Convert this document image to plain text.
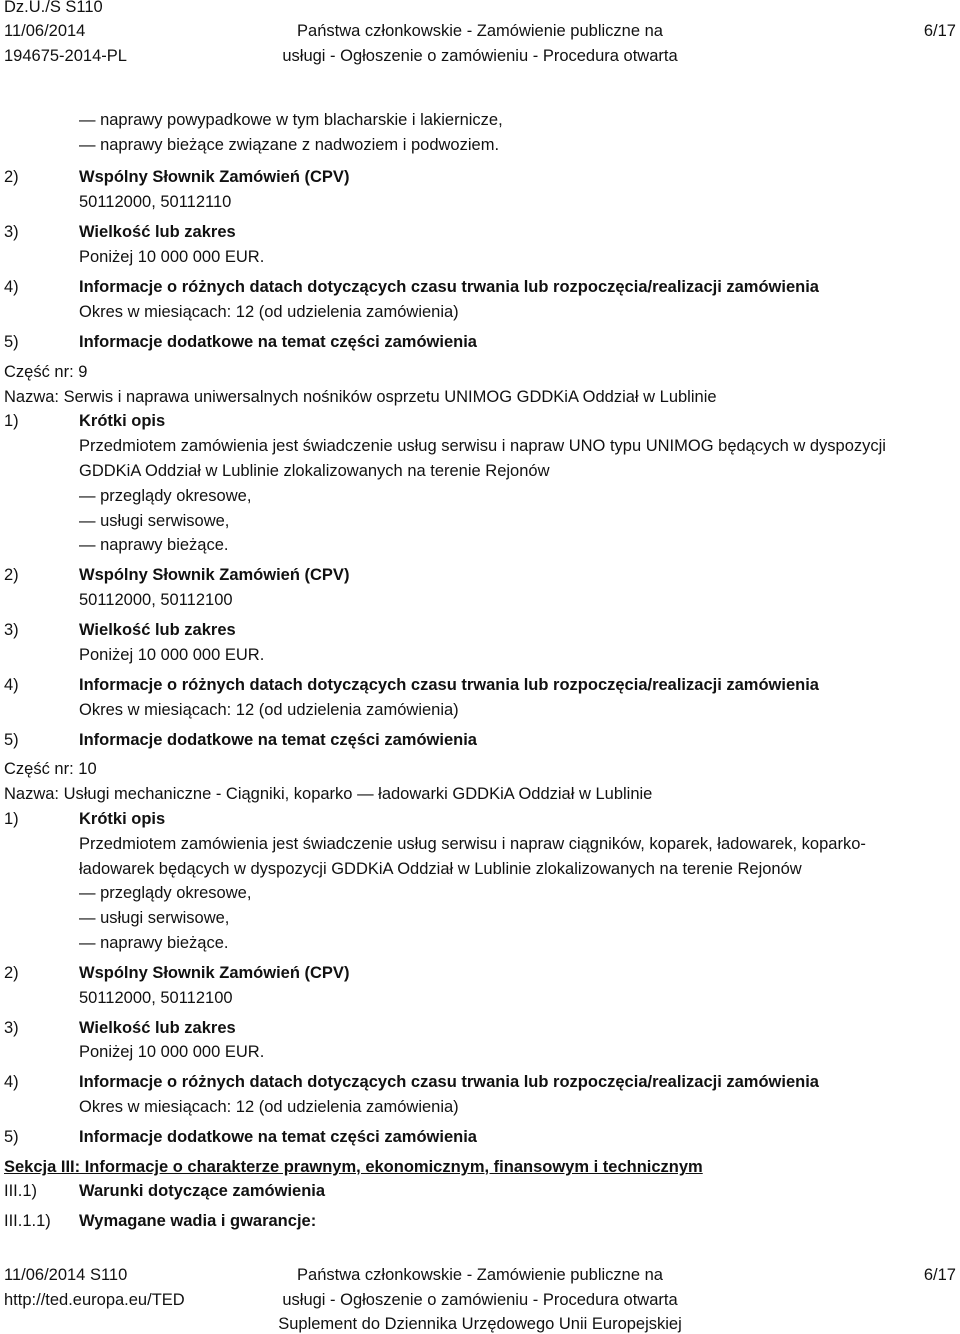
Dz.U./S S110
11/06/2014
194675-2014-PL
Państwa członkowskie - Zamówienie publiczne na
usługi - Ogłoszenie o zamówieniu - Procedura otwarta
6/17
— naprawy powypadkowe w tym blacharskie i lakiernicze,
— naprawy bieżące związane z nadwoziem i podwoziem.
2)	Wspólny Słownik Zamówień (CPV)
50112000, 50112110
3)	Wielkość lub zakres
Poniżej 10 000 000 EUR.
4)	Informacje o różnych datach dotyczących czasu trwania lub rozpoczęcia/realizacji zamówienia
Okres w miesiącach: 12 (od udzielenia zamówienia)
5)	Informacje dodatkowe na temat części zamówienia
Część nr: 9
Nazwa: Serwis i naprawa uniwersalnych nośników osprzetu UNIMOG GDDKiA Oddział w Lublinie
1)	Krótki opis
Przedmiotem zamówienia jest świadczenie usług serwisu i napraw UNO typu UNIMOG będących w dyspozycji
GDDKiA Oddział w Lublinie zlokalizowanych na terenie Rejonów
— przeglądy okresowe,
— usługi serwisowe,
— naprawy bieżące.
2)	Wspólny Słownik Zamówień (CPV)
50112000, 50112100
3)	Wielkość lub zakres
Poniżej 10 000 000 EUR.
4)	Informacje o różnych datach dotyczących czasu trwania lub rozpoczęcia/realizacji zamówienia
Okres w miesiącach: 12 (od udzielenia zamówienia)
5)	Informacje dodatkowe na temat części zamówienia
Część nr: 10
Nazwa: Usługi mechaniczne - Ciągniki, koparko — ładowarki GDDKiA Oddział w Lublinie
1)	Krótki opis
Przedmiotem zamówienia jest świadczenie usług serwisu i napraw ciągników, koparek, ładowarek, koparko-
ładowarek będących w dyspozycji GDDKiA Oddział w Lublinie zlokalizowanych na terenie Rejonów
— przeglądy okresowe,
— usługi serwisowe,
— naprawy bieżące.
2)	Wspólny Słownik Zamówień (CPV)
50112000, 50112100
3)	Wielkość lub zakres
Poniżej 10 000 000 EUR.
4)	Informacje o różnych datach dotyczących czasu trwania lub rozpoczęcia/realizacji zamówienia
Okres w miesiącach: 12 (od udzielenia zamówienia)
5)	Informacje dodatkowe na temat części zamówienia
Sekcja III: Informacje o charakterze prawnym, ekonomicznym, finansowym i technicznym
III.1)	Warunki dotyczące zamówienia
III.1.1) Wymagane wadia i gwarancje:
11/06/2014 S110
http://ted.europa.eu/TED
Państwa członkowskie - Zamówienie publiczne na
usługi - Ogłoszenie o zamówieniu - Procedura otwarta
Suplement do Dziennika Urzędowego Unii Europejskiej
6/17
